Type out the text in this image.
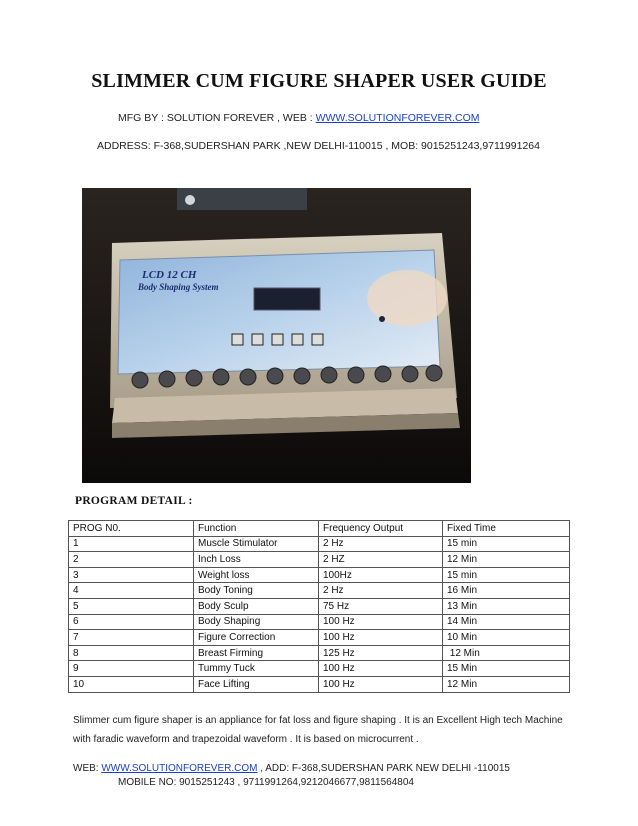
SLIMMER CUM FIGURE SHAPER USER GUIDE
MFG BY : SOLUTION FOREVER , WEB : WWW.SOLUTIONFOREVER.COM
ADDRESS: F-368,SUDERSHAN PARK ,NEW DELHI-110015 , MOB: 9015251243,9711991264
LCD 12 CH
Body Shaping System
PROGRAM DETAIL :
PROG N0.	Function	Frequency Output	Fixed Time
1	Muscle Stimulator	2 Hz	15 min
2	Inch Loss	2 HZ	12 Min
3	Weight loss	100Hz	15 min
4	Body Toning	2 Hz	16 Min
5	Body Sculp	75 Hz	13 Min
6	Body Shaping	100 Hz	14 Min
7	Figure Correction	100 Hz	10 Min
8	Breast Firming	125 Hz	12 Min
9	Tummy Tuck	100 Hz	15 Min
10	Face Lifting	100 Hz	12 Min
Slimmer cum figure shaper is an appliance for fat loss and figure shaping . It is an Excellent High tech Machine with faradic waveform and trapezoidal waveform . It is based on microcurrent .
WEB: WWW.SOLUTIONFOREVER.COM , ADD: F-368,SUDERSHAN PARK NEW DELHI -110015
MOBILE NO: 9015251243 , 9711991264,9212046677,9811564804
